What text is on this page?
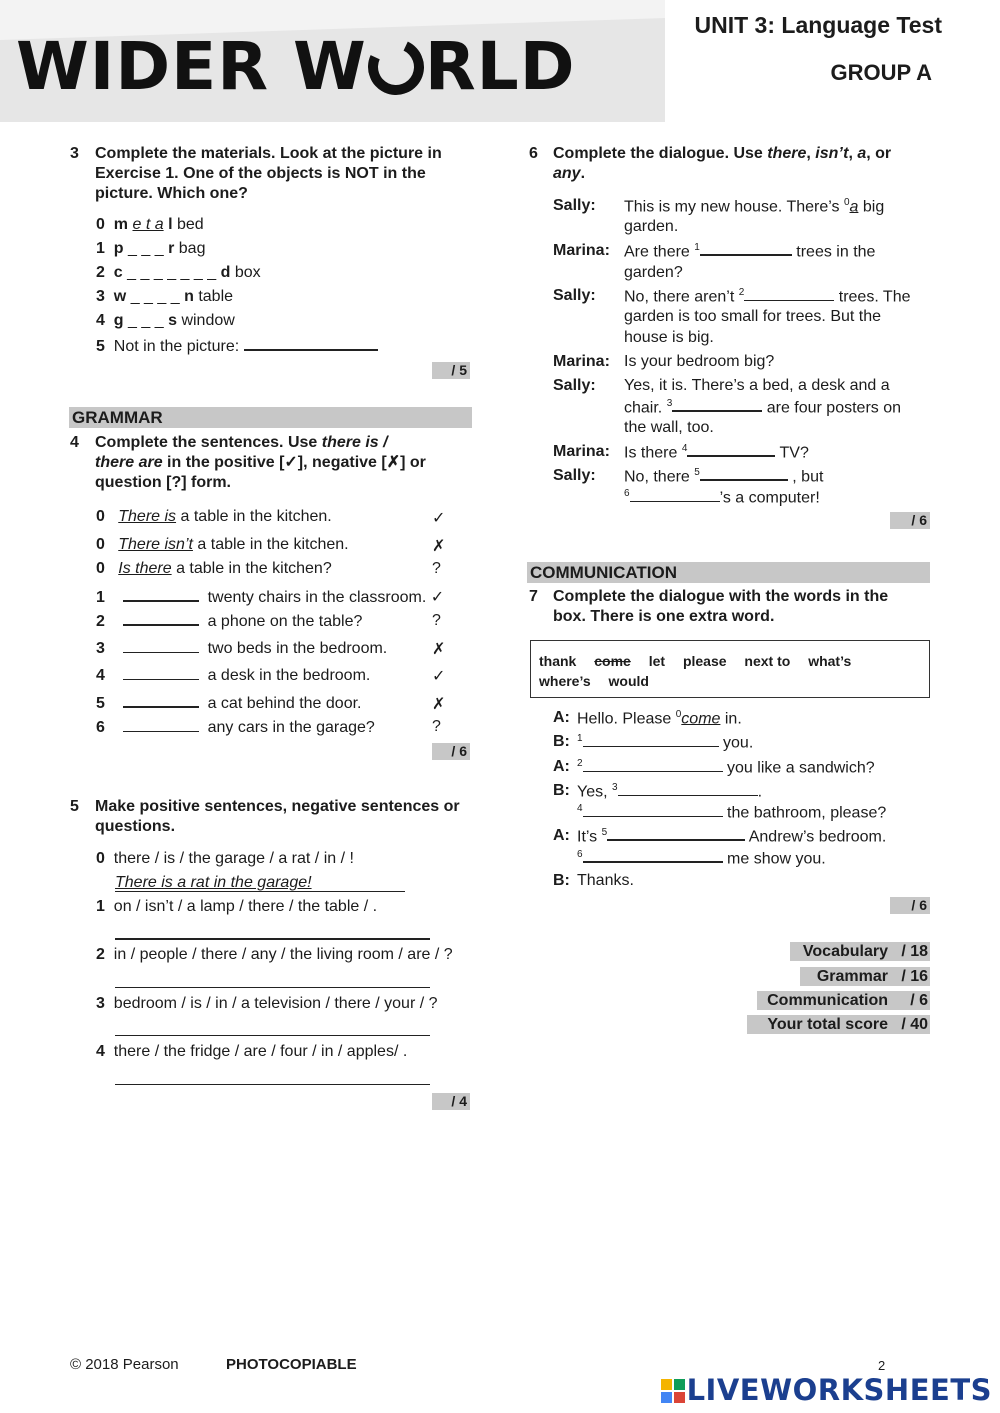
WIDER W RLD
UNIT 3: Language Test
GROUP A
3 Complete the materials. Look at the picture in Exercise 1. One of the objects is NOT in the picture. Which one?
0 m e t a l bed
1 p _ _ _ r bag
2 c _ _ _ _ _ _ _ d box
3 w _ _ _ _ n table
4 g _ _ _ s window
5 Not in the picture:
/ 5
GRAMMAR
4 Complete the sentences. Use there is /
there are in the positive [✓], negative [✗] or
question [?] form.
0 There is a table in the kitchen.	✓
0 There isn’t a table in the kitchen.	✗
0 Is there a table in the kitchen?	?
1	twenty chairs in the classroom. ✓
2	a phone on the table?	?
3	two beds in the bedroom.	✗
4	a desk in the bedroom.	✓
5	a cat behind the door.	✗
6	any cars in the garage?	?
/ 6
5 Make positive sentences, negative sentences or questions.
0 there / is / the garage / a rat / in / !
There is a rat in the garage!
1 on / isn’t / a lamp / there / the table / .
2 in / people / there / any / the living room / are / ?
3 bedroom / is / in / a television / there / your / ?
4 there / the fridge / are / four / in / apples/ .
/ 4
6 Complete the dialogue. Use there, isn’t, a, or
any.
Sally: This is my new house. There’s $^0$a big
garden.
Marina: Are there $^1$	trees in the
garden?
Sally: No, there aren’t $^2$	trees. The
garden is too small for trees. But the
house is big.
Marina: Is your bedroom big?
Sally: Yes, it is. There’s a bed, a desk and a
chair. $^3$	are four posters on
the wall, too.
Marina: Is there $^4$	TV?
Sally: No, there $^5$	, but
$^6$	’s a computer!
/ 6
COMMUNICATION
7 Complete the dialogue with the words in the box. There is one extra word.
thank come let please next to what’s
where’s would
A: Hello. Please $^0$come in.
B: $^1$	you.
A: $^2$	you like a sandwich?
B: Yes, $^3$	.
$^4$	the bathroom, please?
A: It’s $^5$	Andrew’s bedroom.
$^6$	me show you.
B: Thanks.
/ 6
Vocabulary / 18
Grammar / 16
Communication / 6
Your total score / 40
© 2018 Pearson	PHOTOCOPIABLE	2
LIVEWORKSHEETS
